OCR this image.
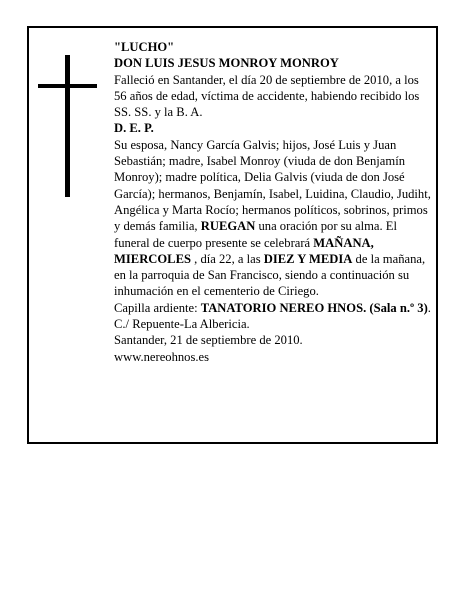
"LUCHO"

DON LUIS JESUS MONROY MONROY

Falleció en Santander, el día 20 de septiembre de 2010, a los 56 años de edad, víctima de accidente, habiendo recibido los SS. SS. y la B. A.

D. E. P.

Su esposa, Nancy García Galvis; hijos, José Luis y Juan Sebastián; madre, Isabel Monroy (viuda de don Benjamín Monroy); madre política, Delia Galvis (viuda de don José García); hermanos, Benjamín, Isabel, Luidina, Claudio, Judiht, Angélica y Marta Rocío; hermanos políticos, sobrinos, primos y demás familia, RUEGAN una oración por su alma. El funeral de cuerpo presente se celebrará MAÑANA, MIERCOLES , día 22, a las DIEZ Y MEDIA de la mañana, en la parroquia de San Francisco, siendo a continuación su inhumación en el cementerio de Ciriego.

Capilla ardiente: TANATORIO NEREO HNOS. (Sala n.º 3). C./ Repuente-La Albericia.

Santander, 21 de septiembre de 2010.

www.nereohnos.es
